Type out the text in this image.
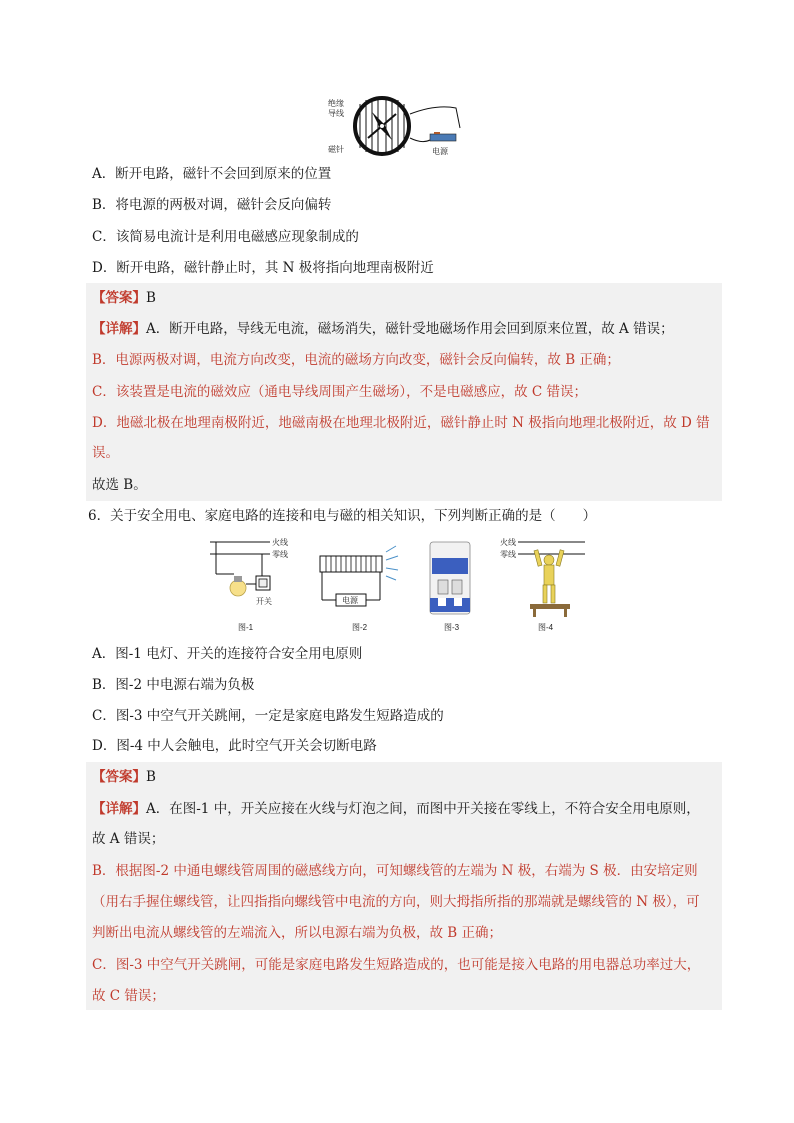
绝缘
导线
磁针	电源
A．断开电路，磁针不会回到原来的位置
B．将电源的两极对调，磁针会反向偏转
C．该简易电流计是利用电磁感应现象制成的
D．断开电路，磁针静止时，其 N 极将指向地理南极附近
【答案】B
【详解】A．断开电路，导线无电流，磁场消失，磁针受地磁场作用会回到原来位置，故 A 错误；
B．电源两极对调，电流方向改变，电流的磁场方向改变，磁针会反向偏转，故 B 正确；
C．该装置是电流的磁效应（通电导线周围产生磁场），不是电磁感应，故 C 错误；
D．地磁北极在地理南极附近，地磁南极在地理北极附近，磁针静止时 N 极指向地理北极附近，故 D 错
误。
故选 B。
6．关于安全用电、家庭电路的连接和电与磁的相关知识，下列判断正确的是（　　）
火线
零线
开关
图-1
电源
图-2	图-3
火线
零线
图-4
A．图-1 电灯、开关的连接符合安全用电原则
B．图-2 中电源右端为负极
C．图-3 中空气开关跳闸，一定是家庭电路发生短路造成的
D．图-4 中人会触电，此时空气开关会切断电路
【答案】B
【详解】A．在图-1 中，开关应接在火线与灯泡之间，而图中开关接在零线上，不符合安全用电原则，
故 A 错误；
B．根据图-2 中通电螺线管周围的磁感线方向，可知螺线管的左端为 N 极，右端为 S 极．由安培定则
（用右手握住螺线管，让四指指向螺线管中电流的方向，则大拇指所指的那端就是螺线管的 N 极），可
判断出电流从螺线管的左端流入，所以电源右端为负极，故 B 正确；
C．图-3 中空气开关跳闸，可能是家庭电路发生短路造成的，也可能是接入电路的用电器总功率过大，
故 C 错误；
